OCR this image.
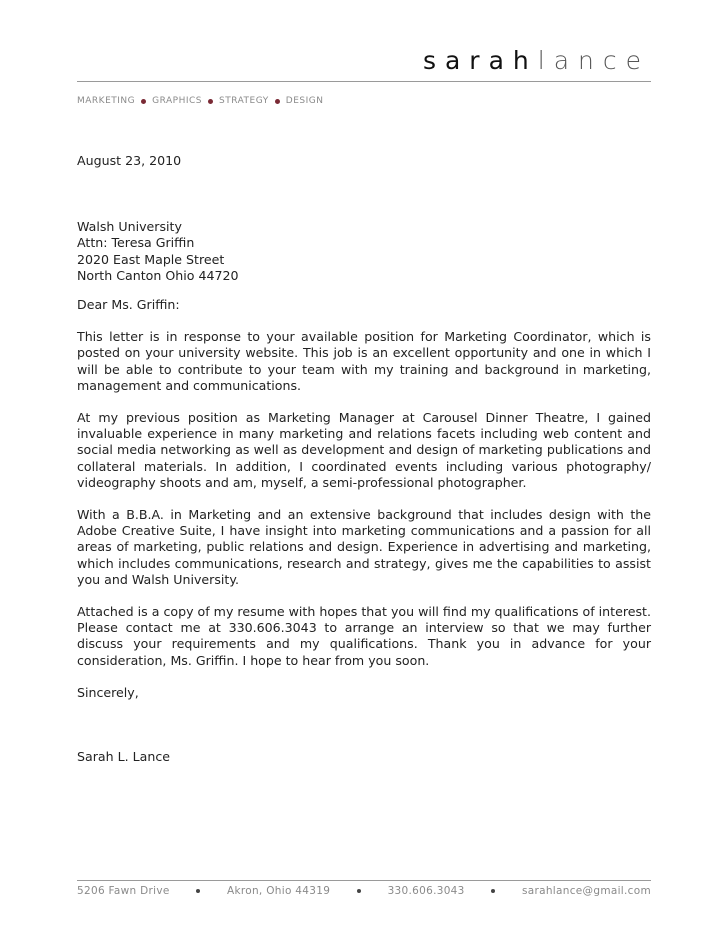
sarahlance
MARKETING GRAPHICS STRATEGY DESIGN

August 23, 2010

Walsh University
Attn: Teresa Griffin
2020 East Maple Street
North Canton Ohio 44720
Dear Ms. Griffin:

This letter is in response to your available position for Marketing Coordinator, which is posted on your university website. This job is an excellent opportunity and one in which I will be able to contribute to your team with my training and background in marketing, management and communications.

At my previous position as Marketing Manager at Carousel Dinner Theatre, I gained invaluable experience in many marketing and relations facets including web content and social media networking as well as development and design of marketing publications and collateral materials. In addition, I coordinated events including various photography/ videography shoots and am, myself, a semi-professional photographer.

With a B.B.A. in Marketing and an extensive background that includes design with the Adobe Creative Suite, I have insight into marketing communications and a passion for all areas of marketing, public relations and design. Experience in advertising and marketing, which includes communications, research and strategy, gives me the capabilities to assist you and Walsh University.

Attached is a copy of my resume with hopes that you will find my qualifications of interest. Please contact me at 330.606.3043 to arrange an interview so that we may further discuss your requirements and my qualifications. Thank you in advance for your consideration, Ms. Griffin. I hope to hear from you soon.

Sincerely,
Sarah L. Lance
5206 Fawn Drive	Akron, Ohio 44319	330.606.3043	sarahlance@gmail.com
